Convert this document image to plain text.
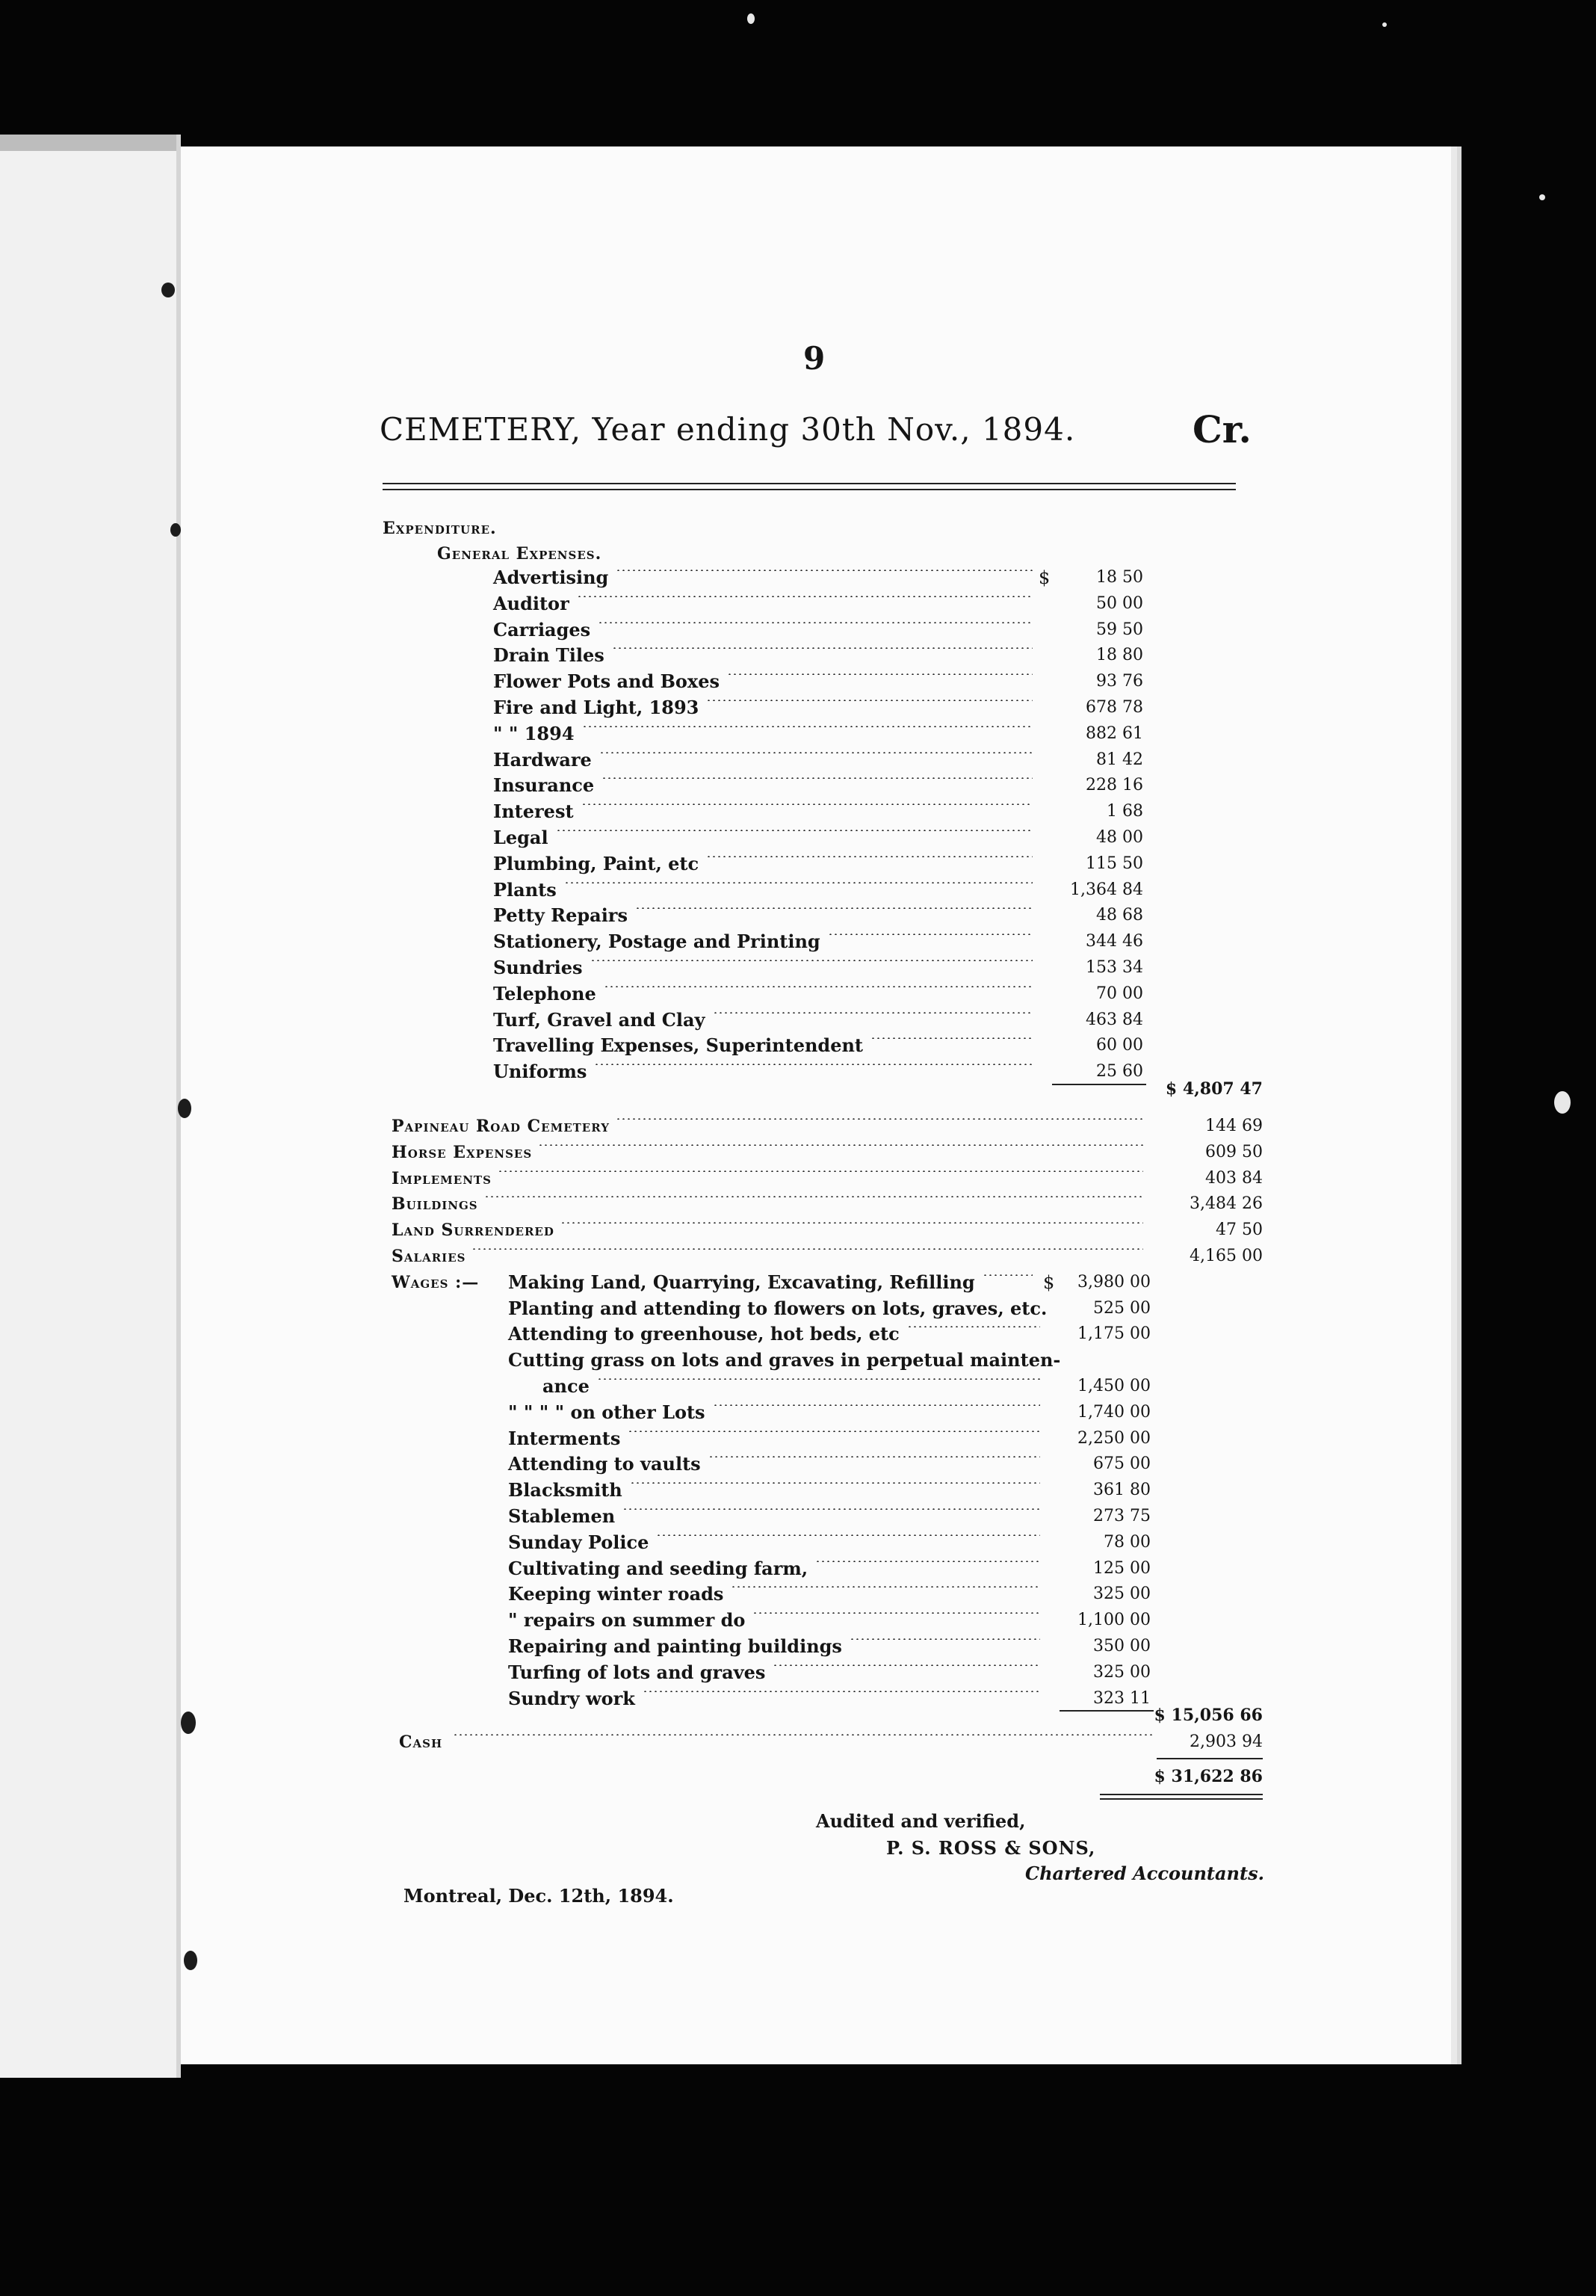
9
CEMETERY, Year ending 30th Nov., 1894.	Cr.
Expenditure.
General Expenses.
Advertising	$	18 50
Auditor	50 00
Carriages	59 50
Drain Tiles	18 80
Flower Pots and Boxes	93 76
Fire and Light, 1893	678 78
" " 1894	882 61
Hardware	81 42
Insurance	228 16
Interest	1 68
Legal	48 00
Plumbing, Paint, etc	115 50
Plants	1,364 84
Petty Repairs	48 68
Stationery, Postage and Printing	344 46
Sundries	153 34
Telephone	70 00
Turf, Gravel and Clay	463 84
Travelling Expenses, Superintendent	60 00
Uniforms	25 60
$ 4,807 47
Papineau Road Cemetery	144 69
Horse Expenses	609 50
Implements	403 84
Buildings	3,484 26
Land Surrendered	47 50
Salaries	4,165 00
Wages :— Making Land, Quarrying, Excavating, Refilling	$ 3,980 00
Planting and attending to flowers on lots, graves, etc.	525 00
Attending to greenhouse, hot beds, etc	1,175 00
Cutting grass on lots and graves in perpetual mainten-
ance	1,450 00
" " " " on other Lots	1,740 00
Interments	2,250 00
Attending to vaults	675 00
Blacksmith	361 80
Stablemen	273 75
Sunday Police	78 00
Cultivating and seeding farm,	125 00
Keeping winter roads	325 00
" repairs on summer do	1,100 00
Repairing and painting buildings	350 00
Turfing of lots and graves	325 00
Sundry work	323 11
$ 15,056 66
Cash	2,903 94
$ 31,622 86
Audited and verified,
P. S. ROSS & SONS,
Chartered Accountants.
Montreal, Dec. 12th, 1894.
